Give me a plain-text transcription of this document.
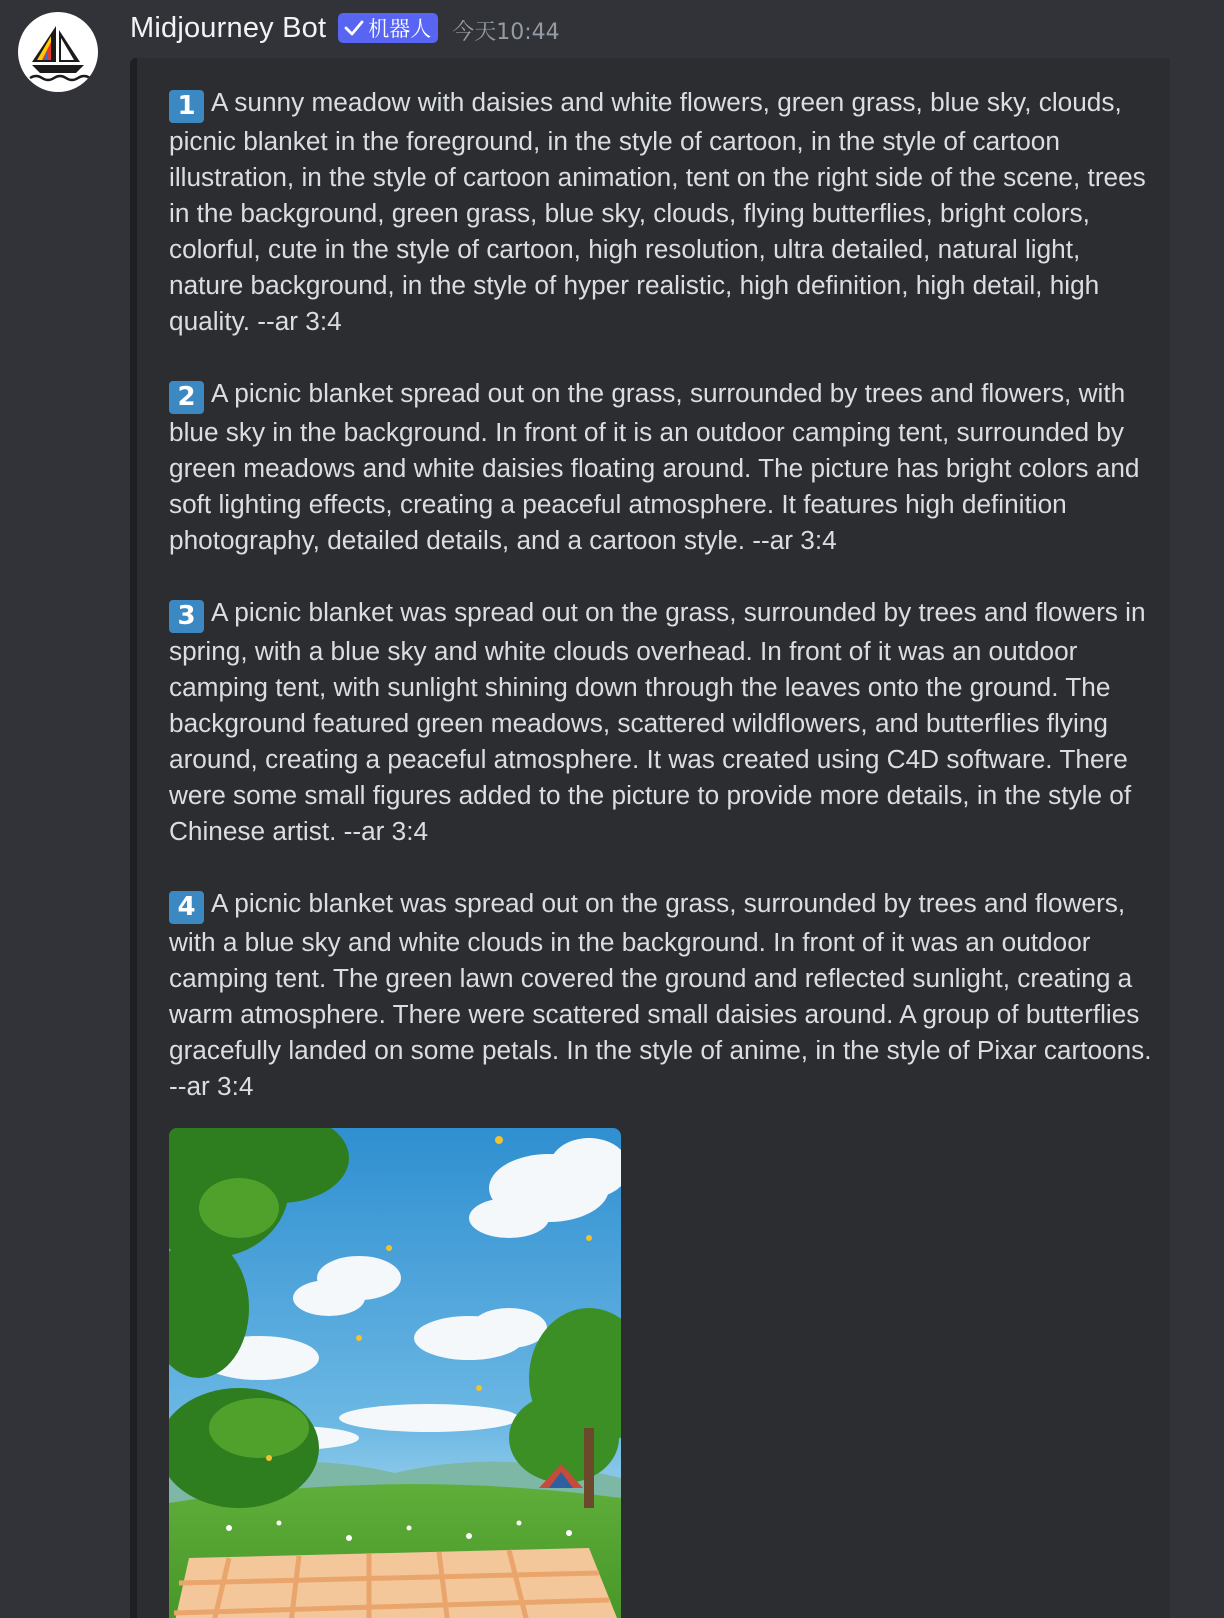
Midjourney Bot 机器人 今天10:44

1 A sunny meadow with daisies and white flowers, green grass, blue sky, clouds, picnic blanket in the foreground, in the style of cartoon, in the style of cartoon illustration, in the style of cartoon animation, tent on the right side of the scene, trees in the background, green grass, blue sky, clouds, flying butterflies, bright colors, colorful, cute in the style of cartoon, high resolution, ultra detailed, natural light, nature background, in the style of hyper realistic, high definition, high detail, high quality. --ar 3:4

2 A picnic blanket spread out on the grass, surrounded by trees and flowers, with blue sky in the background. In front of it is an outdoor camping tent, surrounded by green meadows and white daisies floating around. The picture has bright colors and soft lighting effects, creating a peaceful atmosphere. It features high definition photography, detailed details, and a cartoon style. --ar 3:4

3 A picnic blanket was spread out on the grass, surrounded by trees and flowers in spring, with a blue sky and white clouds overhead. In front of it was an outdoor camping tent, with sunlight shining down through the leaves onto the ground. The background featured green meadows, scattered wildflowers, and butterflies flying around, creating a peaceful atmosphere. It was created using C4D software. There were some small figures added to the picture to provide more details, in the style of Chinese artist. --ar 3:4

4 A picnic blanket was spread out on the grass, surrounded by trees and flowers, with a blue sky and white clouds in the background. In front of it was an outdoor camping tent. The green lawn covered the ground and reflected sunlight, creating a warm atmosphere. There were scattered small daisies around. A group of butterflies gracefully landed on some petals. In the style of anime, in the style of Pixar cartoons. --ar 3:4
